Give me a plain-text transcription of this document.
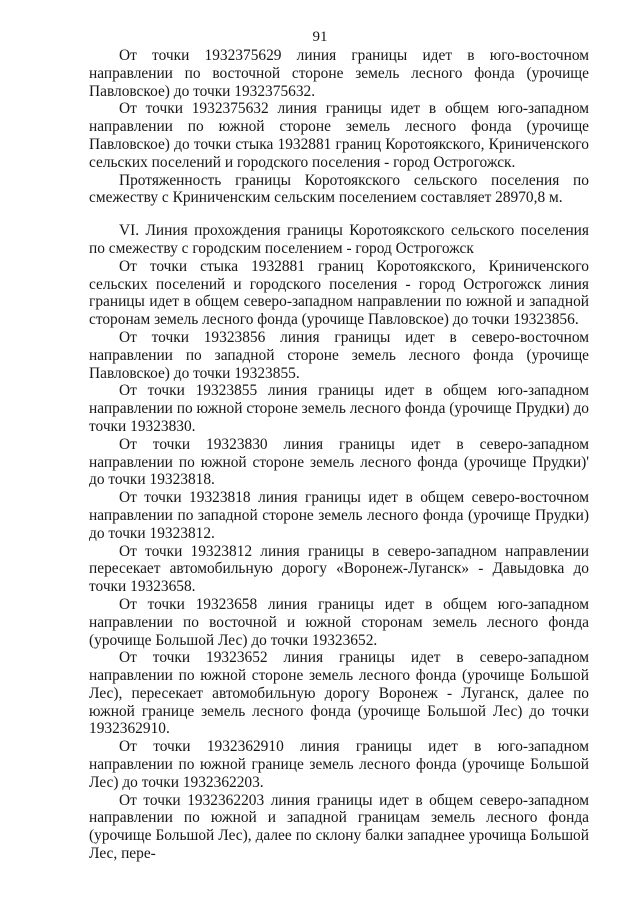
91

От точки 1932375629 линия границы идет в юго-восточном направлении по восточной стороне земель лесного фонда (урочище Павловское) до точки 1932375632.

От точки 1932375632 линия границы идет в общем юго-западном направлении по южной стороне земель лесного фонда (урочище Павловское) до точки стыка 1932881 границ Коротоякского, Криниченского сельских поселений и городского поселения - город Острогожск.

Протяженность границы Коротоякского сельского поселения по смежеству с Криниченским сельским поселением составляет 28970,8 м.

VI. Линия прохождения границы Коротоякского сельского поселения по смежеству с городским поселением - город Острогожск

От точки стыка 1932881 границ Коротоякского, Криниченского сельских поселений и городского поселения - город Острогожск линия границы идет в общем северо-западном направлении по южной и западной сторонам земель лесного фонда (урочище Павловское) до точки 19323856.

От точки 19323856 линия границы идет в северо-восточном направлении по западной стороне земель лесного фонда (урочище Павловское) до точки 19323855.

От точки 19323855 линия границы идет в общем юго-западном направлении по южной стороне земель лесного фонда (урочище Прудки) до точки 19323830.

От точки 19323830 линия границы идет в северо-западном направлении по южной стороне земель лесного фонда (урочище Прудки)' до точки 19323818.

От точки 19323818 линия границы идет в общем северо-восточном направлении по западной стороне земель лесного фонда (урочище Прудки) до точки 19323812.

От точки 19323812 линия границы в северо-западном направлении пересекает автомобильную дорогу «Воронеж-Луганск» - Давыдовка до точки 19323658.

От точки 19323658 линия границы идет в общем юго-западном направлении по восточной и южной сторонам земель лесного фонда (урочище Большой Лес) до точки 19323652.

От точки 19323652 линия границы идет в северо-западном направлении по южной стороне земель лесного фонда (урочище Большой Лес), пересекает автомобильную дорогу Воронеж - Луганск, далее по южной границе земель лесного фонда (урочище Большой Лес) до точки 1932362910.

От точки 1932362910 линия границы идет в юго-западном направлении по южной границе земель лесного фонда (урочище Большой Лес) до точки 1932362203.

От точки 1932362203 линия границы идет в общем северо-западном направлении по южной и западной границам земель лесного фонда (урочище Большой Лес), далее по склону балки западнее урочища Большой Лес, пере-
